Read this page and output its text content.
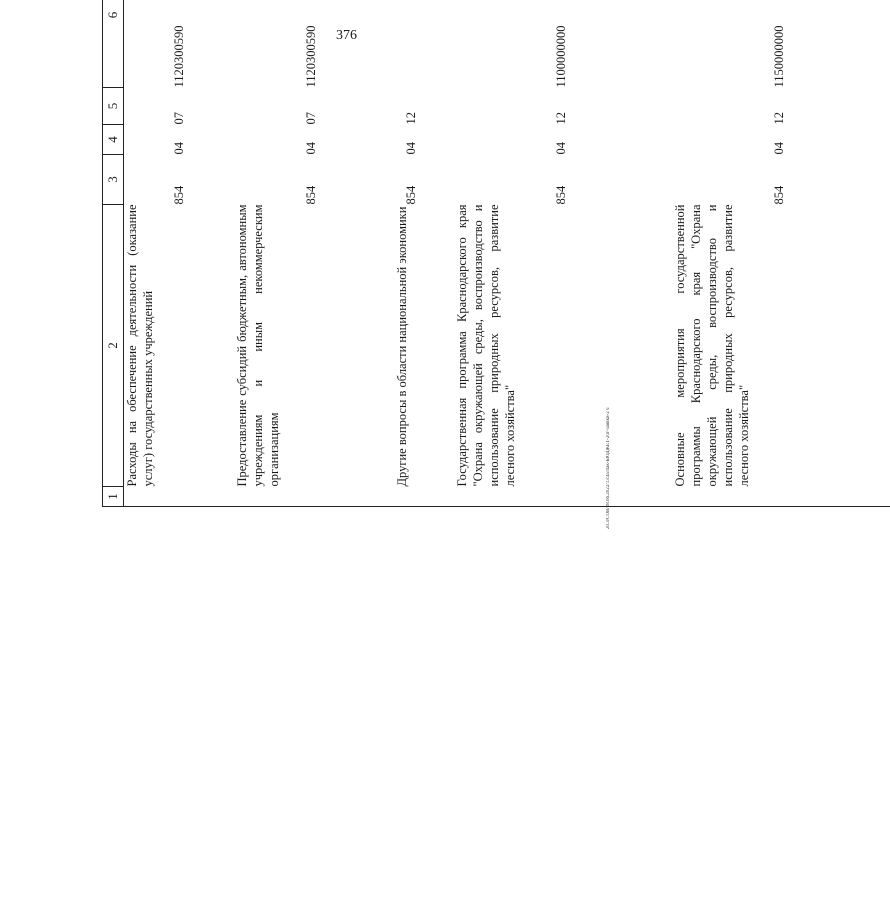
376
20.3/СОВ/28.06.2022/13:45/пак-БЮДЖЕТ-2чт-заявки-2 ч
1	2	3	4	5	6				
	Расходы на обеспечение деятельности (оказание услуг) государственных учреждений	854	04	07	1120300590				
	Предоставление субсидий бюджетным, автономным учреждениям и иным некоммерческим организациям	854	04	07	1120300590				
	Другие вопросы в области национальной экономики	854	04	12					
	Государственная программа Краснодарского края "Охрана окружающей среды, воспроизводство и использование природных ресурсов, развитие лесного хозяйства"	854	04	12	1100000000				
	Основные мероприятия государственной программы Краснодарского края "Охрана окружающей среды, воспроизводство и использование природных ресурсов, развитие лесного хозяйства"	854	04	12	1150000000				
